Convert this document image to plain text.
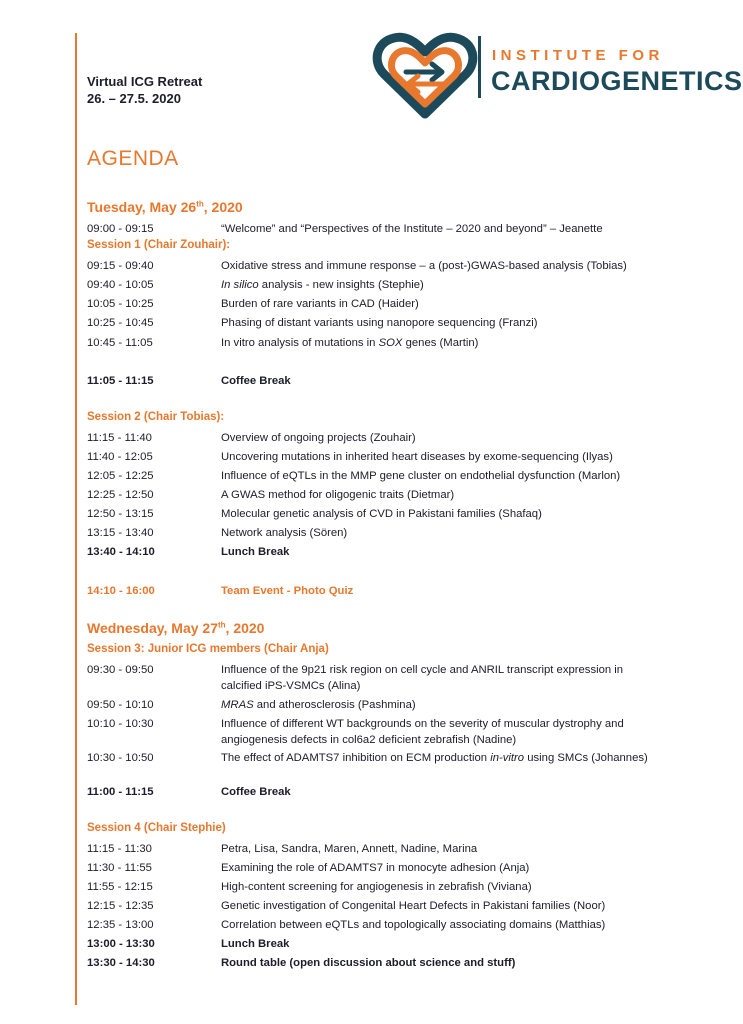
Virtual ICG Retreat
26. – 27.5. 2020
INSTITUTE FOR
CARDIOGENETICS
AGENDA
Tuesday, May 26th, 2020
09:00 - 09:15	“Welcome” and “Perspectives of the Institute – 2020 and beyond” – Jeanette
Session 1 (Chair Zouhair):
09:15 - 09:40	Oxidative stress and immune response – a (post-)GWAS-based analysis (Tobias)
09:40 - 10:05	In silico analysis - new insights (Stephie)
10:05 - 10:25	Burden of rare variants in CAD (Haider)
10:25 - 10:45	Phasing of distant variants using nanopore sequencing (Franzi)
10:45 - 11:05	In vitro analysis of mutations in SOX genes (Martin)
11:05 - 11:15	Coffee Break
Session 2 (Chair Tobias):
11:15 - 11:40	Overview of ongoing projects (Zouhair)
11:40 - 12:05	Uncovering mutations in inherited heart diseases by exome-sequencing (Ilyas)
12:05 - 12:25	Influence of eQTLs in the MMP gene cluster on endothelial dysfunction (Marlon)
12:25 - 12:50	A GWAS method for oligogenic traits (Dietmar)
12:50 - 13:15	Molecular genetic analysis of CVD in Pakistani families (Shafaq)
13:15 - 13:40	Network analysis (Sören)
13:40 - 14:10	Lunch Break
14:10 - 16:00	Team Event - Photo Quiz
Wednesday, May 27th, 2020
Session 3: Junior ICG members (Chair Anja)
09:30 - 09:50	Influence of the 9p21 risk region on cell cycle and ANRIL transcript expression in calcified iPS-VSMCs (Alina)
09:50 - 10:10	MRAS and atherosclerosis (Pashmina)
10:10 - 10:30	Influence of different WT backgrounds on the severity of muscular dystrophy and angiogenesis defects in col6a2 deficient zebrafish (Nadine)
10:30 - 10:50	The effect of ADAMTS7 inhibition on ECM production in-vitro using SMCs (Johannes)
11:00 - 11:15	Coffee Break
Session 4 (Chair Stephie)
11:15 - 11:30	Petra, Lisa, Sandra, Maren, Annett, Nadine, Marina
11:30 - 11:55	Examining the role of ADAMTS7 in monocyte adhesion (Anja)
11:55 - 12:15	High-content screening for angiogenesis in zebrafish (Viviana)
12:15 - 12:35	Genetic investigation of Congenital Heart Defects in Pakistani families (Noor)
12:35 - 13:00	Correlation between eQTLs and topologically associating domains (Matthias)
13:00 - 13:30	Lunch Break
13:30 - 14:30	Round table (open discussion about science and stuff)
